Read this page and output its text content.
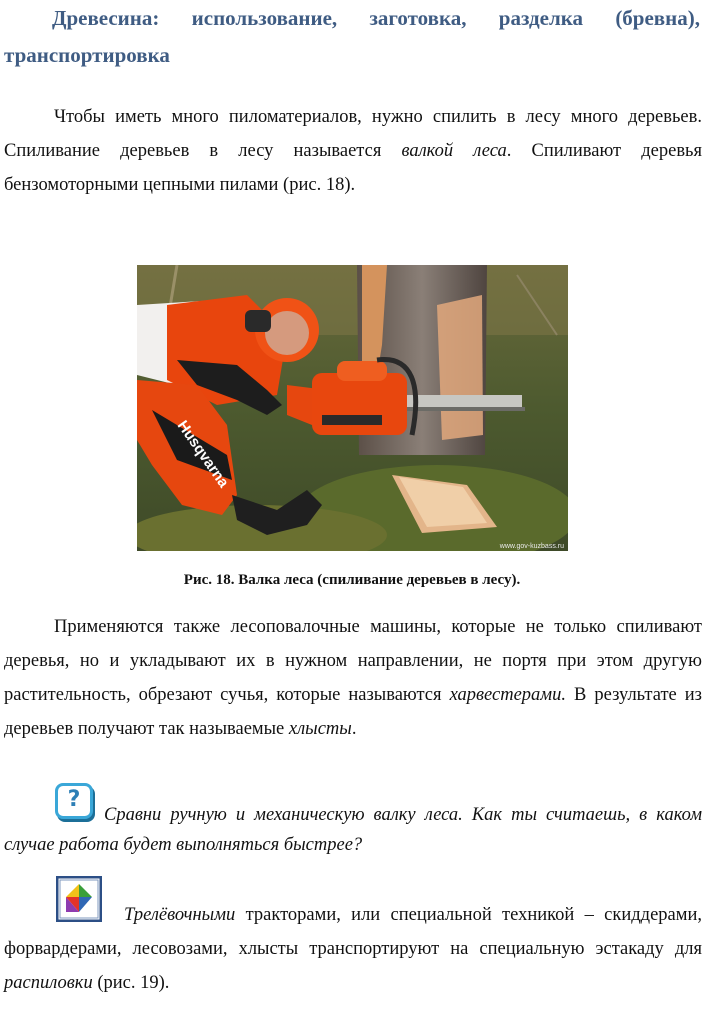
Древесина: использование, заготовка, разделка (бревна), транспортировка
Чтобы иметь много пиломатериалов, нужно спилить в лесу много деревьев. Спиливание деревьев в лесу называется валкой леса. Спиливают деревья бензомоторными цепными пилами (рис. 18).
Husqvarna
www.gov-kuzbass.ru
Рис. 18. Валка леса (спиливание деревьев в лесу).
Применяются также лесоповалочные машины, которые не только спиливают деревья, но и укладывают их в нужном направлении, не портя при этом другую растительность, обрезают сучья, которые называются харвестерами. В результате из деревьев получают так называемые хлысты.
?
Сравни ручную и механическую валку леса. Как ты считаешь, в каком случае работа будет выполняться быстрее?
Трелёвочными тракторами, или специальной техникой – скиддерами, форвардерами, лесовозами, хлысты транспортируют на специальную эстакаду для распиловки (рис. 19).
